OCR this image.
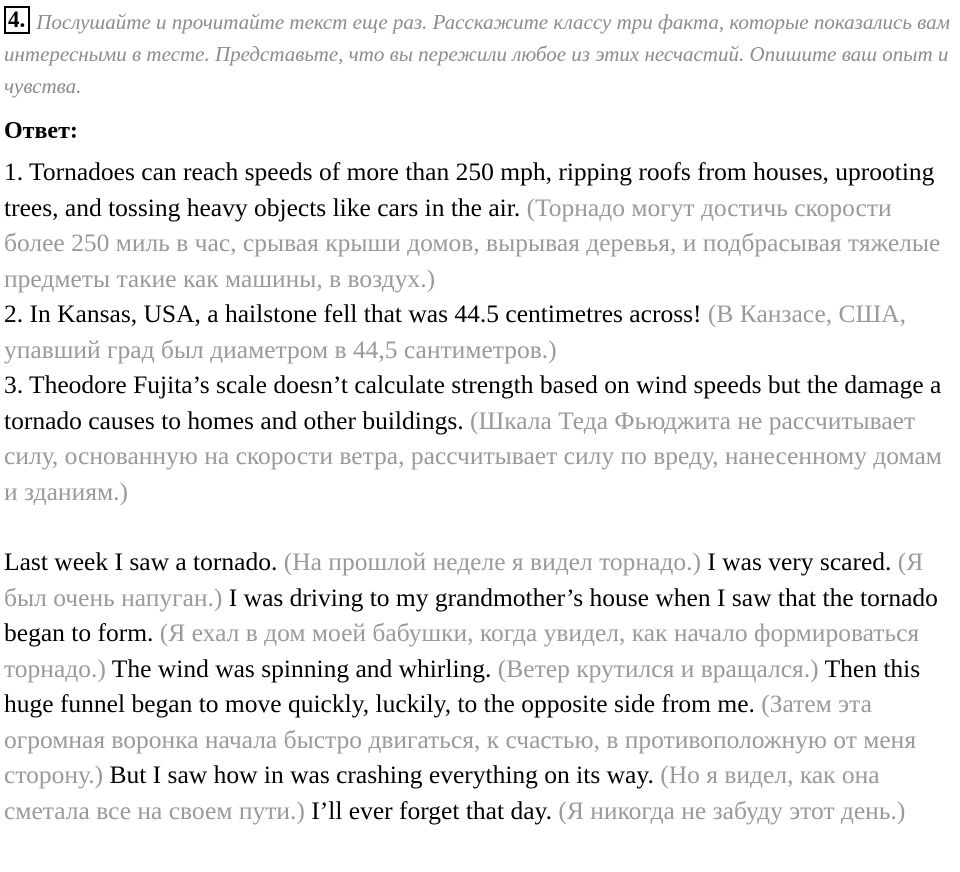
4. Послушайте и прочитайте текст еще раз. Расскажите классу три факта, которые показались вам интересными в тесте. Представьте, что вы пережили любое из этих несчастий. Опишите ваш опыт и чувства.

Ответ:

1. Tornadoes can reach speeds of more than 250 mph, ripping roofs from houses, uprooting trees, and tossing heavy objects like cars in the air. (Торнадо могут достичь скорости более 250 миль в час, срывая крыши домов, вырывая деревья, и подбрасывая тяжелые предметы такие как машины, в воздух.)

2. In Kansas, USA, a hailstone fell that was 44.5 centimetres across! (В Канзасе, США, упавший град был диаметром в 44,5 сантиметров.)

3. Theodore Fujita’s scale doesn’t calculate strength based on wind speeds but the damage a tornado causes to homes and other buildings. (Шкала Теда Фьюджита не рассчитывает силу, основанную на скорости ветра, рассчитывает силу по вреду, нанесенному домам и зданиям.)

Last week I saw a tornado. (На прошлой неделе я видел торнадо.) I was very scared. (Я был очень напуган.) I was driving to my grandmother’s house when I saw that the tornado began to form. (Я ехал в дом моей бабушки, когда увидел, как начало формироваться торнадо.) The wind was spinning and whirling. (Ветер крутился и вращался.) Then this huge funnel began to move quickly, luckily, to the opposite side from me. (Затем эта огромная воронка начала быстро двигаться, к счастью, в противоположную от меня сторону.) But I saw how in was crashing everything on its way. (Но я видел, как она сметала все на своем пути.) I’ll ever forget that day. (Я никогда не забуду этот день.)
